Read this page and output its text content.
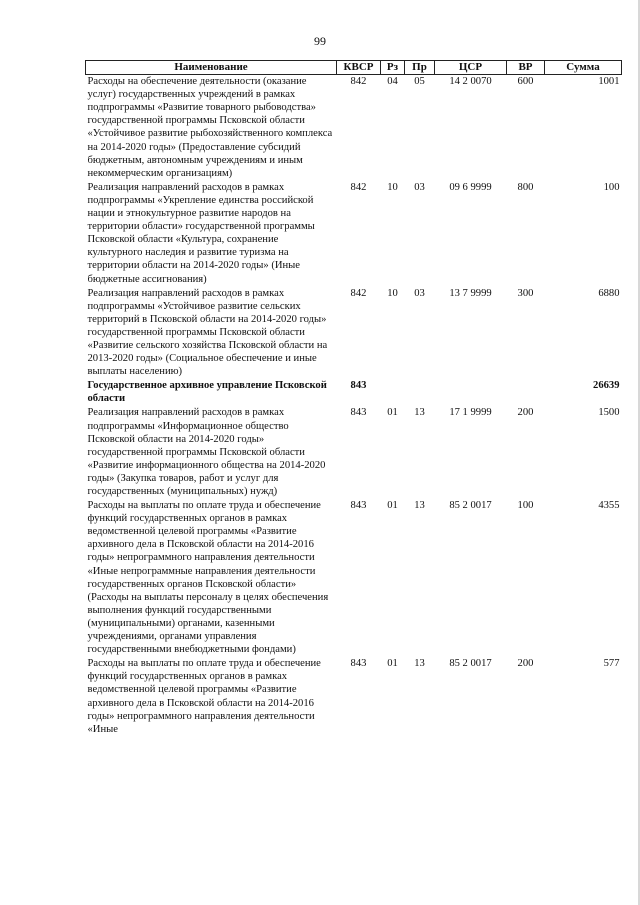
99
Наименование	КВСР	Рз	Пр	ЦСР	ВР	Сумма
Расходы на обеспечение деятельности (оказание услуг) государственных учреждений в рамках подпрограммы «Развитие товарного рыбоводства» государственной программы Псковской области «Устойчивое развитие рыбохозяйственного комплекса на 2014-2020 годы» (Предоставление субсидий бюджетным, автономным учреждениям и иным некоммерческим организациям)	842	04	05	14 2 0070	600	1001
Реализация направлений расходов в рамках подпрограммы «Укрепление единства российской нации и этнокультурное развитие народов на территории области» государственной программы Псковской области «Культура, сохранение культурного наследия и развитие туризма на территории области на 2014-2020 годы» (Иные бюджетные ассигнования)	842	10	03	09 6 9999	800	100
Реализация направлений расходов в рамках подпрограммы «Устойчивое развитие сельских территорий в Псковской области на 2014-2020 годы» государственной программы Псковской области «Развитие сельского хозяйства Псковской области на 2013-2020 годы» (Социальное обеспечение и иные выплаты населению)	842	10	03	13 7 9999	300	6880
Государственное архивное управление Псковской области	843					26639
Реализация направлений расходов в рамках подпрограммы «Информационное общество Псковской области на 2014-2020 годы» государственной программы Псковской области «Развитие информационного общества на 2014-2020 годы» (Закупка товаров, работ и услуг для государственных (муниципальных) нужд)	843	01	13	17 1 9999	200	1500
Расходы на выплаты по оплате труда и обеспечение функций государственных органов в рамках ведомственной целевой программы «Развитие архивного дела в Псковской области на 2014-2016 годы» непрограммного направления деятельности «Иные непрограммные направления деятельности государственных органов Псковской области» (Расходы на выплаты персоналу в целях обеспечения выполнения функций государственными (муниципальными) органами, казенными учреждениями, органами управления государственными внебюджетными фондами)	843	01	13	85 2 0017	100	4355
Расходы на выплаты по оплате труда и обеспечение функций государственных органов в рамках ведомственной целевой программы «Развитие архивного дела в Псковской области на 2014-2016 годы» непрограммного направления деятельности «Иные	843	01	13	85 2 0017	200	577
